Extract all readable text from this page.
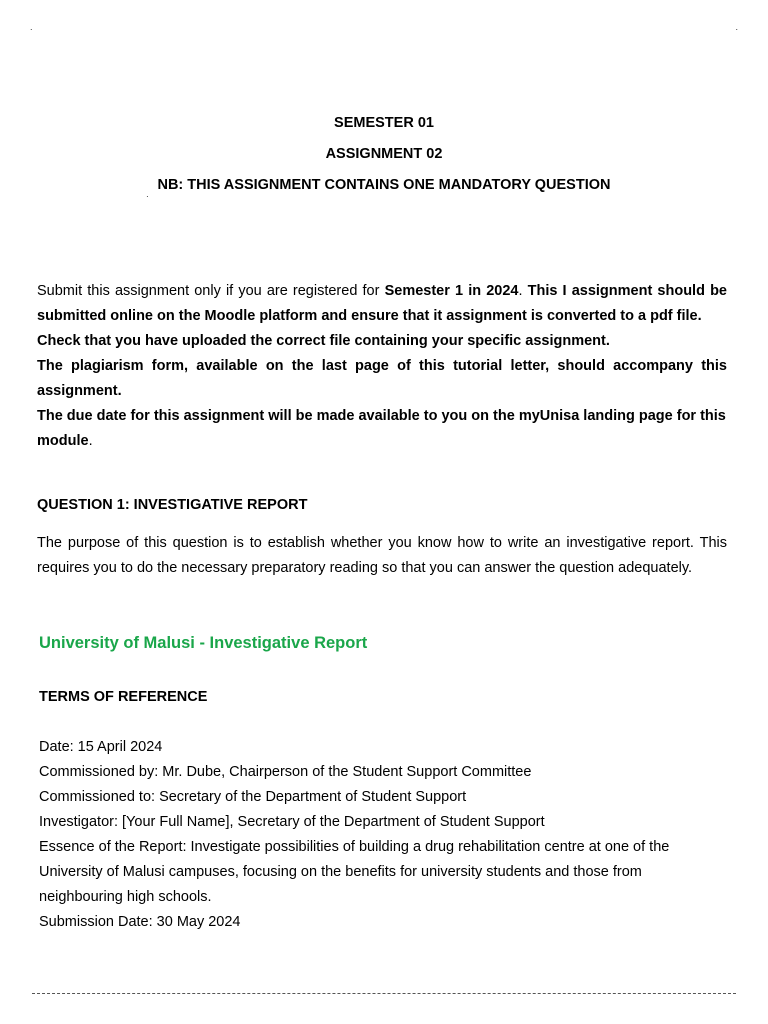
.	.
SEMESTER 01
ASSIGNMENT 02
NB: THIS ASSIGNMENT CONTAINS ONE MANDATORY QUESTION
·

Submit this assignment only if you are registered for Semester 1 in 2024. This I assignment should be submitted online on the Moodle platform and ensure that it assignment is converted to a pdf file.

Check that you have uploaded the correct file containing your specific assignment.

The plagiarism form, available on the last page of this tutorial letter, should accompany this assignment.

The due date for this assignment will be made available to you on the myUnisa landing page for this module.

QUESTION 1: INVESTIGATIVE REPORT

The purpose of this question is to establish whether you know how to write an investigative report. This requires you to do the necessary preparatory reading so that you can answer the question adequately.

University of Malusi - Investigative Report
TERMS OF REFERENCE
Date: 15 April 2024
Commissioned by: Mr. Dube, Chairperson of the Student Support Committee
Commissioned to: Secretary of the Department of Student Support
Investigator: [Your Full Name], Secretary of the Department of Student Support
Essence of the Report: Investigate possibilities of building a drug rehabilitation centre at one of the University of Malusi campuses, focusing on the benefits for university students and those from neighbouring high schools.
Submission Date: 30 May 2024
